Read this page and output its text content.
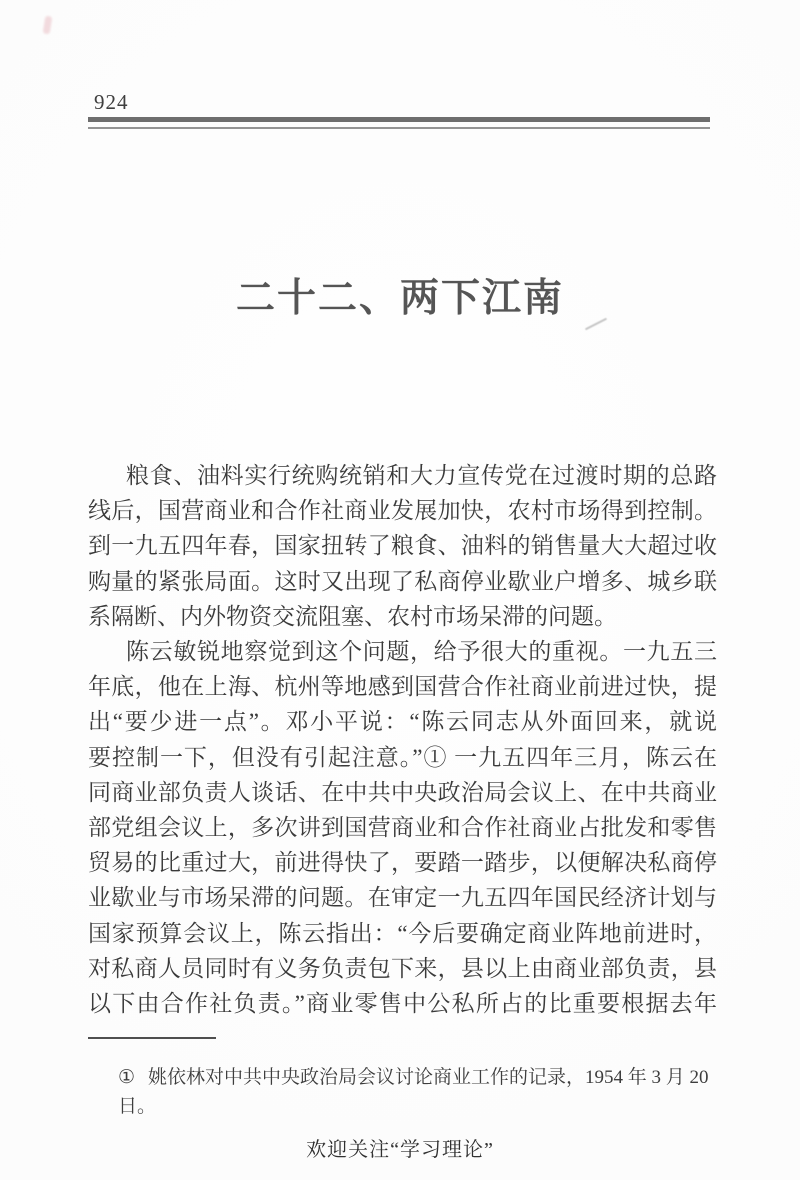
924
二十二、两下江南
粮食、油料实行统购统销和大力宣传党在过渡时期的总路
线后，国营商业和合作社商业发展加快，农村市场得到控制。
到一九五四年春，国家扭转了粮食、油料的销售量大大超过收
购量的紧张局面。这时又出现了私商停业歇业户增多、城乡联
系隔断、内外物资交流阻塞、农村市场呆滞的问题。
陈云敏锐地察觉到这个问题，给予很大的重视。一九五三
年底，他在上海、杭州等地感到国营合作社商业前进过快，提
出“要少进一点”。邓小平说：“陈云同志从外面回来，就说
要控制一下，但没有引起注意。”① 一九五四年三月，陈云在
同商业部负责人谈话、在中共中央政治局会议上、在中共商业
部党组会议上，多次讲到国营商业和合作社商业占批发和零售
贸易的比重过大，前进得快了，要踏一踏步，以便解决私商停
业歇业与市场呆滞的问题。在审定一九五四年国民经济计划与
国家预算会议上，陈云指出：“今后要确定商业阵地前进时，
对私商人员同时有义务负责包下来，县以上由商业部负责，县
以下由合作社负责。”商业零售中公私所占的比重要根据去年
① 姚依林对中共中央政治局会议讨论商业工作的记录，1954 年 3 月 20 日。
欢迎关注“学习理论”
